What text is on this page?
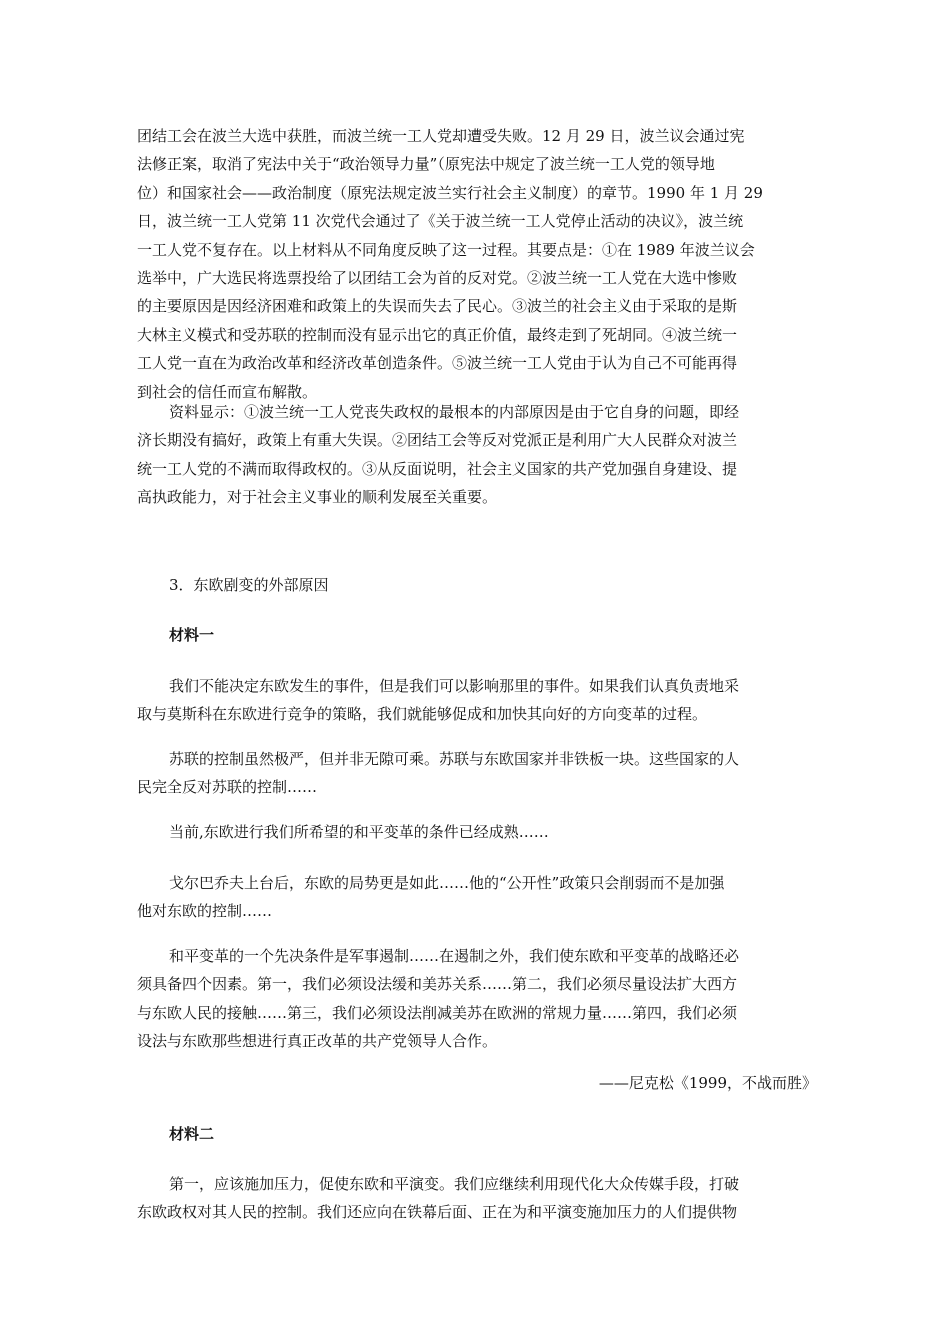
团结工会在波兰大选中获胜，而波兰统一工人党却遭受失败。12 月 29 日，波兰议会通过宪

法修正案，取消了宪法中关于“政治领导力量”（原宪法中规定了波兰统一工人党的领导地

位）和国家社会——政治制度（原宪法规定波兰实行社会主义制度）的章节。1990 年 1 月 29

日，波兰统一工人党第 11 次党代会通过了《关于波兰统一工人党停止活动的决议》，波兰统

一工人党不复存在。以上材料从不同角度反映了这一过程。其要点是：①在 1989 年波兰议会

选举中，广大选民将选票投给了以团结工会为首的反对党。②波兰统一工人党在大选中惨败

的主要原因是因经济困难和政策上的失误而失去了民心。③波兰的社会主义由于采取的是斯

大林主义模式和受苏联的控制而没有显示出它的真正价值，最终走到了死胡同。④波兰统一

工人党一直在为政治改革和经济改革创造条件。⑤波兰统一工人党由于认为自己不可能再得

到社会的信任而宣布解散。

资料显示：①波兰统一工人党丧失政权的最根本的内部原因是由于它自身的问题，即经

济长期没有搞好，政策上有重大失误。②团结工会等反对党派正是利用广大人民群众对波兰

统一工人党的不满而取得政权的。③从反面说明，社会主义国家的共产党加强自身建设、提

高执政能力，对于社会主义事业的顺利发展至关重要。

3．东欧剧变的外部原因

材料一

我们不能决定东欧发生的事件，但是我们可以影响那里的事件。如果我们认真负责地采

取与莫斯科在东欧进行竞争的策略，我们就能够促成和加快其向好的方向变革的过程。

苏联的控制虽然极严，但并非无隙可乘。苏联与东欧国家并非铁板一块。这些国家的人

民完全反对苏联的控制……

当前,东欧进行我们所希望的和平变革的条件已经成熟……

戈尔巴乔夫上台后，东欧的局势更是如此……他的“公开性”政策只会削弱而不是加强

他对东欧的控制……

和平变革的一个先决条件是军事遏制……在遏制之外，我们使东欧和平变革的战略还必

须具备四个因素。第一，我们必须设法缓和美苏关系……第二，我们必须尽量设法扩大西方

与东欧人民的接触……第三，我们必须设法削减美苏在欧洲的常规力量……第四，我们必须

设法与东欧那些想进行真正改革的共产党领导人合作。

——尼克松《1999，不战而胜》

材料二

第一，应该施加压力，促使东欧和平演变。我们应继续利用现代化大众传媒手段，打破

东欧政权对其人民的控制。我们还应向在铁幕后面、正在为和平演变施加压力的人们提供物
